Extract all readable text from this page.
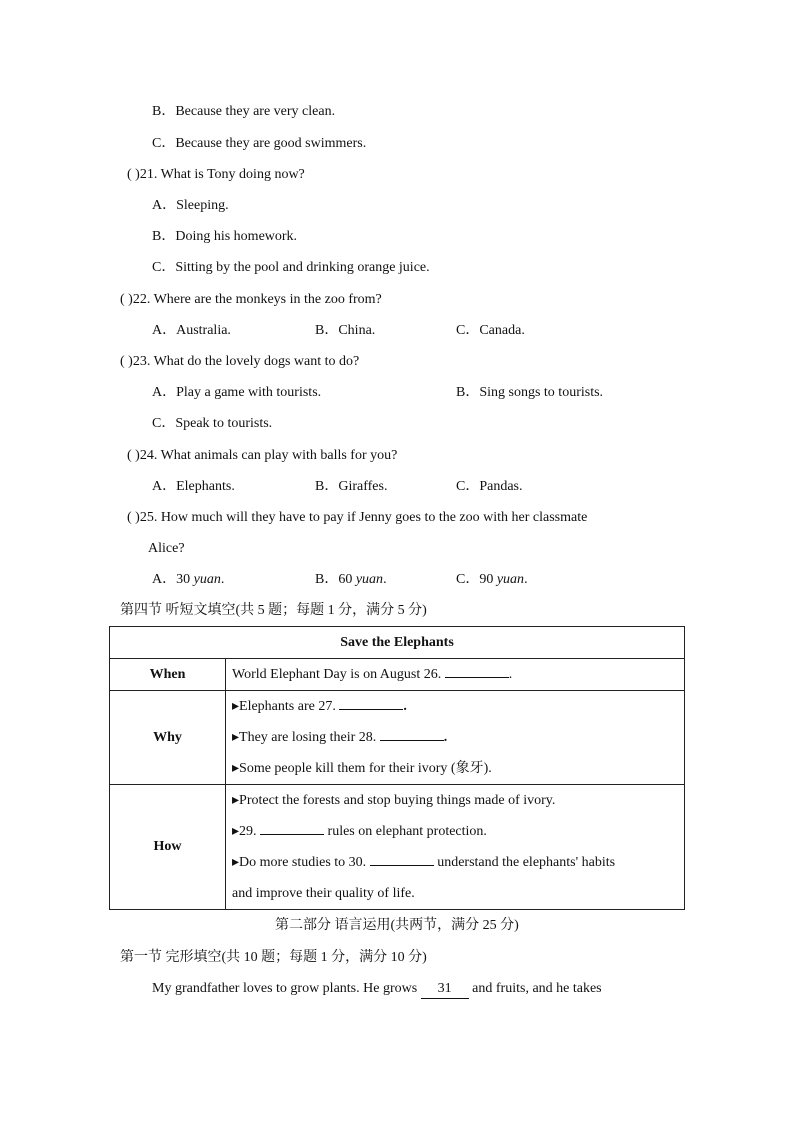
B．Because they are very clean.
C．Because they are good swimmers.
( )21. What is Tony doing now?
A．Sleeping.
B．Doing his homework.
C．Sitting by the pool and drinking orange juice.
( )22. Where are the monkeys in the zoo from?
A．Australia.	B．China.	C．Canada.
( )23. What do the lovely dogs want to do?
A．Play a game with tourists.	B．Sing songs to tourists.
C．Speak to tourists.
( )24. What animals can play with balls for you?
A．Elephants.	B．Giraffes.	C．Pandas.
( )25. How much will they have to pay if Jenny goes to the zoo with her classmate
Alice?
A．30 yuan.	B．60 yuan.	C．90 yuan.
第四节 听短文填空(共 5 题；每题 1 分，满分 5 分)
Save the Elephants	
When	World Elephant Day is on August 26. .

Why	▸Elephants are 27. .
▸They are losing their 28. .
▸Some people kill them for their ivory (象牙).

How	▸Protect the forests and stop buying things made of ivory.
▸29. rules on elephant protection.
▸Do more studies to 30. understand the elephants' habits
and improve their quality of life.
第二部分 语言运用(共两节，满分 25 分)
第一节 完形填空(共 10 题；每题 1 分，满分 10 分)
My grandfather loves to grow plants. He grows 31 and fruits, and he takes
